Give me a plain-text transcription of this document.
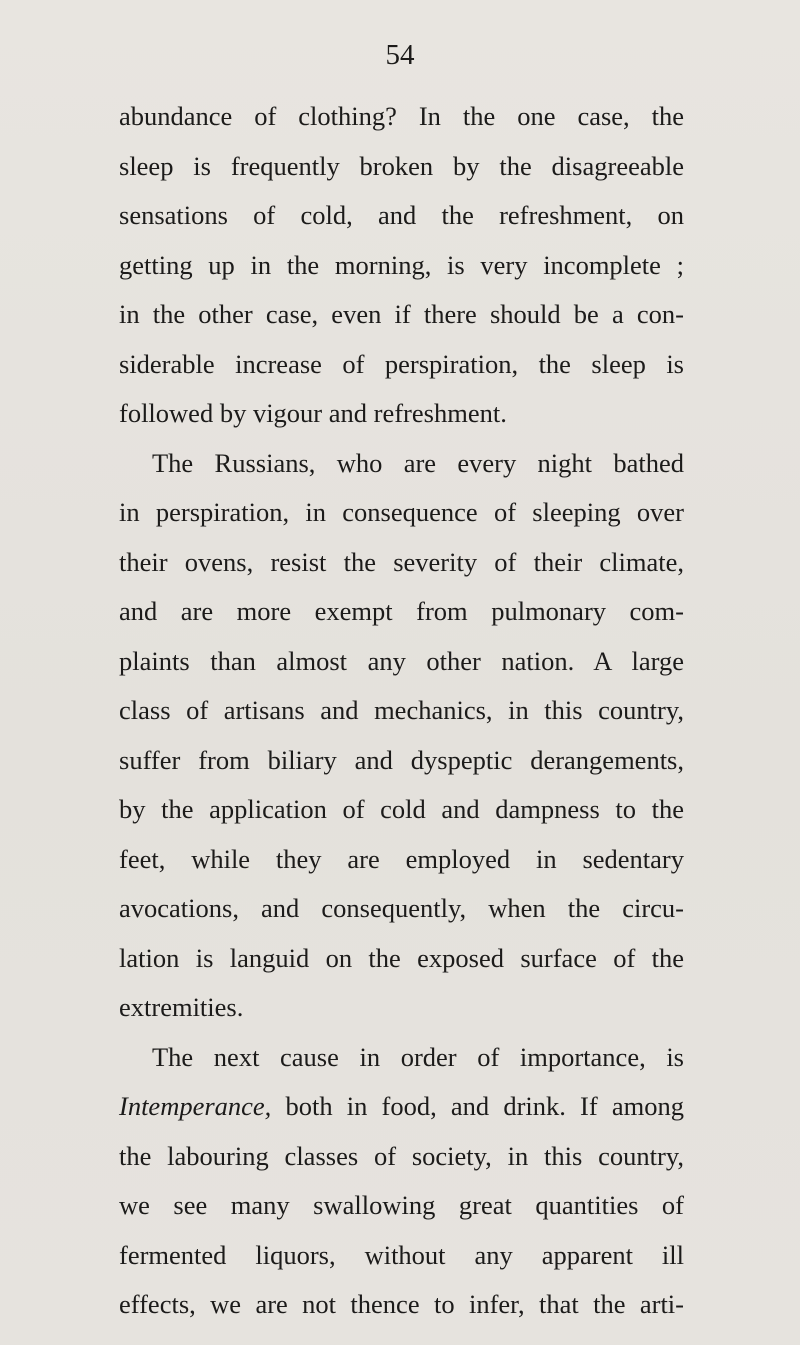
54
abundance of clothing? In the one case, the
sleep is frequently broken by the disagreeable
sensations of cold, and the refreshment, on
getting up in the morning, is very incomplete ;
in the other case, even if there should be a con-
siderable increase of perspiration, the sleep is
followed by vigour and refreshment.
The Russians, who are every night bathed
in perspiration, in consequence of sleeping over
their ovens, resist the severity of their climate,
and are more exempt from pulmonary com-
plaints than almost any other nation. A large
class of artisans and mechanics, in this country,
suffer from biliary and dyspeptic derangements,
by the application of cold and dampness to the
feet, while they are employed in sedentary
avocations, and consequently, when the circu-
lation is languid on the exposed surface of the
extremities.
The next cause in order of importance, is
Intemperance, both in food, and drink. If among
the labouring classes of society, in this country,
we see many swallowing great quantities of
fermented liquors, without any apparent ill
effects, we are not thence to infer, that the arti-
